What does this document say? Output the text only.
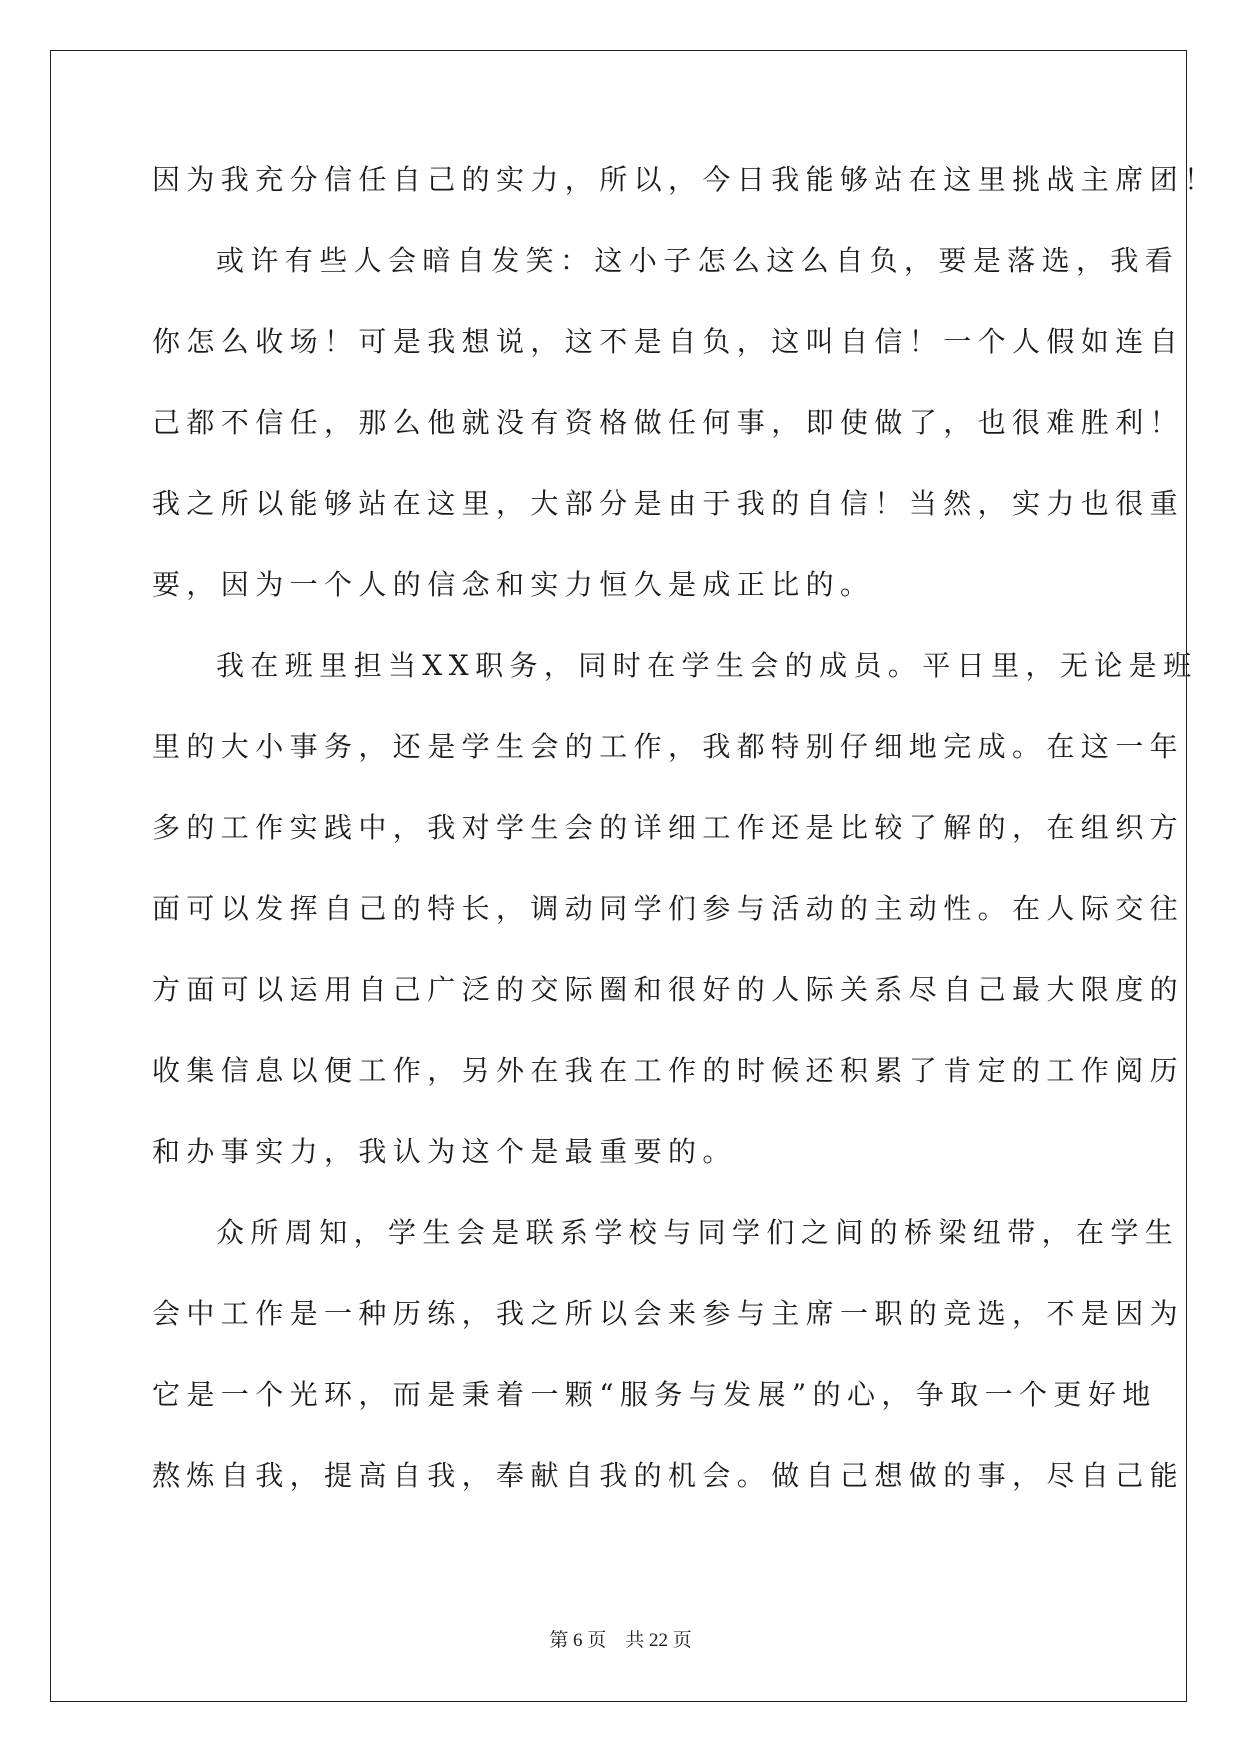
因为我充分信任自己的实力，所以，今日我能够站在这里挑战主席团！
或许有些人会暗自发笑：这小子怎么这么自负，要是落选，我看
你怎么收场！可是我想说，这不是自负，这叫自信！一个人假如连自
己都不信任，那么他就没有资格做任何事，即使做了，也很难胜利！
我之所以能够站在这里，大部分是由于我的自信！当然，实力也很重
要，因为一个人的信念和实力恒久是成正比的。
我在班里担当XX职务，同时在学生会的成员。平日里，无论是班
里的大小事务，还是学生会的工作，我都特别仔细地完成。在这一年
多的工作实践中，我对学生会的详细工作还是比较了解的，在组织方
面可以发挥自己的特长，调动同学们参与活动的主动性。在人际交往
方面可以运用自己广泛的交际圈和很好的人际关系尽自己最大限度的
收集信息以便工作，另外在我在工作的时候还积累了肯定的工作阅历
和办事实力，我认为这个是最重要的。
众所周知，学生会是联系学校与同学们之间的桥梁纽带，在学生
会中工作是一种历练，我之所以会来参与主席一职的竞选，不是因为
它是一个光环，而是秉着一颗“服务与发展”的心，争取一个更好地
熬炼自我，提高自我，奉献自我的机会。做自己想做的事，尽自己能
第 6 页    共 22 页
